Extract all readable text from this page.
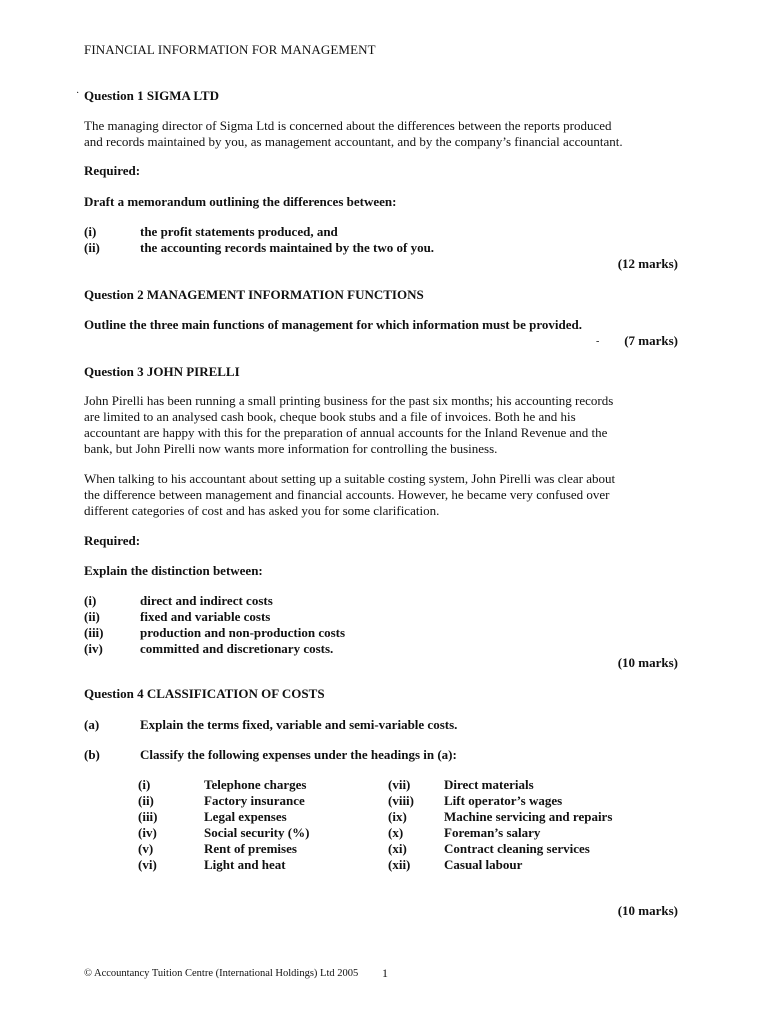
FINANCIAL INFORMATION FOR MANAGEMENT
· Question 1 SIGMA LTD
The managing director of Sigma Ltd is concerned about the differences between the reports produced
and records maintained by you, as management accountant, and by the company’s financial accountant.
Required:
Draft a memorandum outlining the differences between:
(i)	the profit statements produced, and
(ii)	the accounting records maintained by the two of you.
(12 marks)
Question 2 MANAGEMENT INFORMATION FUNCTIONS
Outline the three main functions of management for which information must be provided.
- (7 marks)
Question 3 JOHN PIRELLI
John Pirelli has been running a small printing business for the past six months; his accounting records
are limited to an analysed cash book, cheque book stubs and a file of invoices. Both he and his
accountant are happy with this for the preparation of annual accounts for the Inland Revenue and the
bank, but John Pirelli now wants more information for controlling the business.
When talking to his accountant about setting up a suitable costing system, John Pirelli was clear about
the difference between management and financial accounts. However, he became very confused over
different categories of cost and has asked you for some clarification.
Required:
Explain the distinction between:
(i)	direct and indirect costs
(ii)	fixed and variable costs
(iii)	production and non-production costs
(iv)	committed and discretionary costs.
(10 marks)
Question 4 CLASSIFICATION OF COSTS
(a)	Explain the terms fixed, variable and semi-variable costs.
(b)	Classify the following expenses under the headings in (a):
(i)	Telephone charges	(vii)	Direct materials
(ii)	Factory insurance	(viii)	Lift operator’s wages
(iii)	Legal expenses	(ix)	Machine servicing and repairs
(iv)	Social security (%)	(x)	Foreman’s salary
(v)	Rent of premises	(xi)	Contract cleaning services
(vi)	Light and heat	(xii)	Casual labour
(10 marks)
© Accountancy Tuition Centre (International Holdings) Ltd 2005 1
